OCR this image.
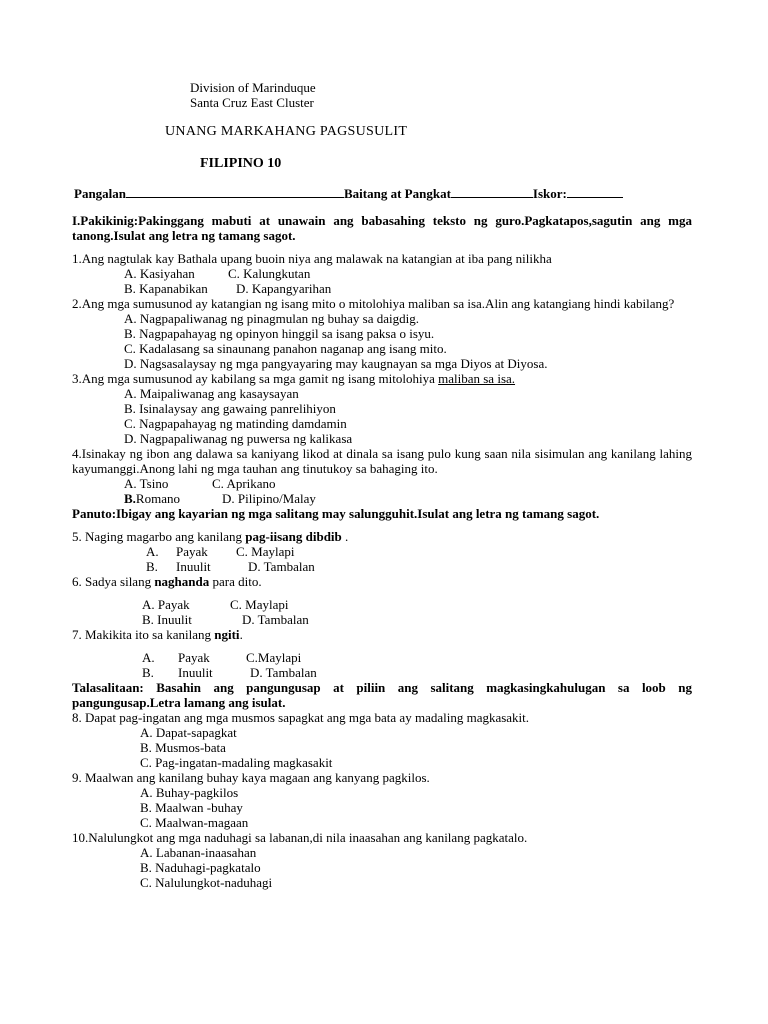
Division of Marinduque
Santa Cruz East Cluster
UNANG MARKAHANG PAGSUSULIT
FILIPINO 10
Pangalan	Baitang at Pangkat	Iskor:
I.Pakikinig:Pakinggang mabuti at unawain ang babasahing teksto ng guro.Pagkatapos,sagutin ang mga tanong.Isulat ang letra ng tamang sagot.
1.Ang nagtulak kay Bathala upang buoin niya ang malawak na katangian at iba pang nilikha
A. Kasiyahan	C. Kalungkutan
B. Kapanabikan	D. Kapangyarihan
2.Ang mga sumusunod ay katangian ng isang mito o mitolohiya maliban sa isa.Alin ang katangiang hindi kabilang?
A. Nagpapaliwanag ng pinagmulan ng buhay sa daigdig.
B. Nagpapahayag ng opinyon hinggil sa isang paksa o isyu.
C. Kadalasang sa sinaunang panahon naganap ang isang mito.
D. Nagsasalaysay ng mga pangyayaring may kaugnayan sa mga Diyos at Diyosa.
3.Ang mga sumusunod ay kabilang sa mga gamit ng isang mitolohiya maliban sa isa.
A. Maipaliwanag ang kasaysayan
B. Isinalaysay ang gawaing panrelihiyon
C. Nagpapahayag ng matinding damdamin
D. Nagpapaliwanag ng puwersa ng kalikasa
4.Isinakay ng ibon ang dalawa sa kaniyang likod at dinala sa isang pulo kung saan nila sisimulan ang kanilang lahing kayumanggi.Anong lahi ng mga tauhan ang tinutukoy sa bahaging ito.
A. Tsino	C. Aprikano
B.Romano	D. Pilipino/Malay
Panuto:Ibigay ang kayarian ng mga salitang may salungguhit.Isulat ang letra ng tamang sagot.
5. Naging magarbo ang kanilang pag-iisang dibdib .
A.	Payak	C. Maylapi
B.	Inuulit	D. Tambalan
6. Sadya silang naghanda para dito.
A. Payak	C. Maylapi
B. Inuulit	D. Tambalan
7. Makikita ito sa kanilang ngiti.
A.	Payak	C.Maylapi
B.	Inuulit	D. Tambalan
Talasalitaan: Basahin ang pangungusap at piliin ang salitang magkasingkahulugan sa loob ng pangungusap.Letra lamang ang isulat.
8. Dapat pag-ingatan ang mga musmos sapagkat ang mga bata ay madaling magkasakit.
A. Dapat-sapagkat
B. Musmos-bata
C. Pag-ingatan-madaling magkasakit
9. Maalwan ang kanilang buhay kaya magaan ang kanyang pagkilos.
A. Buhay-pagkilos
B. Maalwan -buhay
C. Maalwan-magaan
10.Nalulungkot ang mga naduhagi sa labanan,di nila inaasahan ang kanilang pagkatalo.
A. Labanan-inaasahan
B. Naduhagi-pagkatalo
C. Nalulungkot-naduhagi
